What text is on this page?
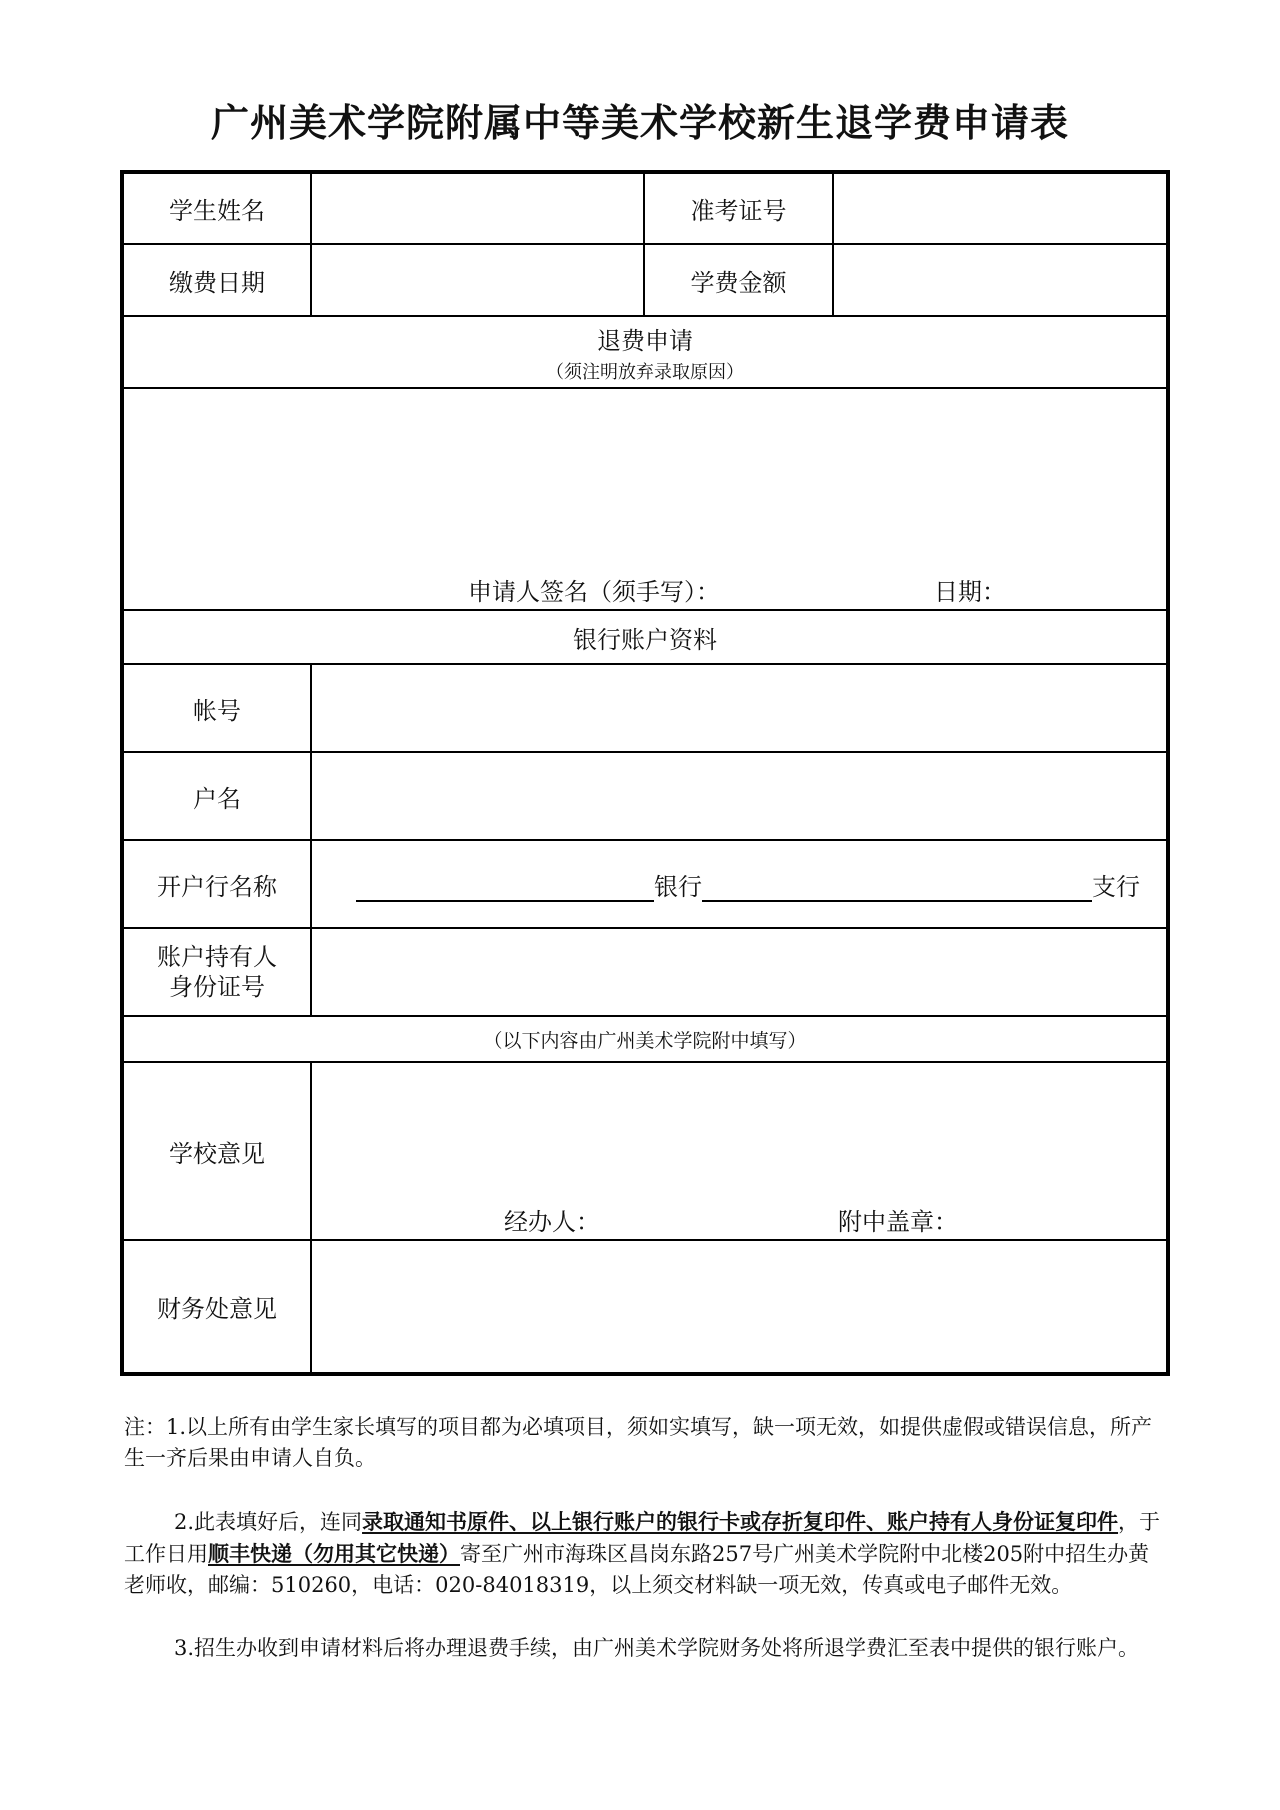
广州美术学院附属中等美术学校新生退学费申请表
学生姓名		准考证号	
缴费日期		学费金额	
退费申请
（须注明放弃录取原因）			

申请人签名（须手写）： 日期：			

银行账户资料			
帐号			
户名			
开户行名称	银行 支行		

账户持有人
身份证号			
（以下内容由广州美术学院附中填写）			
学校意见	经办人： 附中盖章：		

财务处意见			

注：1.以上所有由学生家长填写的项目都为必填项目，须如实填写，缺一项无效，如提供虚假或错误信息，所产生一齐后果由申请人自负。

2.此表填好后，连同录取通知书原件、以上银行账户的银行卡或存折复印件、账户持有人身份证复印件，于工作日用顺丰快递（勿用其它快递）寄至广州市海珠区昌岗东路257号广州美术学院附中北楼205附中招生办黄老师收，邮编：510260，电话：020-84018319，以上须交材料缺一项无效，传真或电子邮件无效。

3.招生办收到申请材料后将办理退费手续，由广州美术学院财务处将所退学费汇至表中提供的银行账户。
